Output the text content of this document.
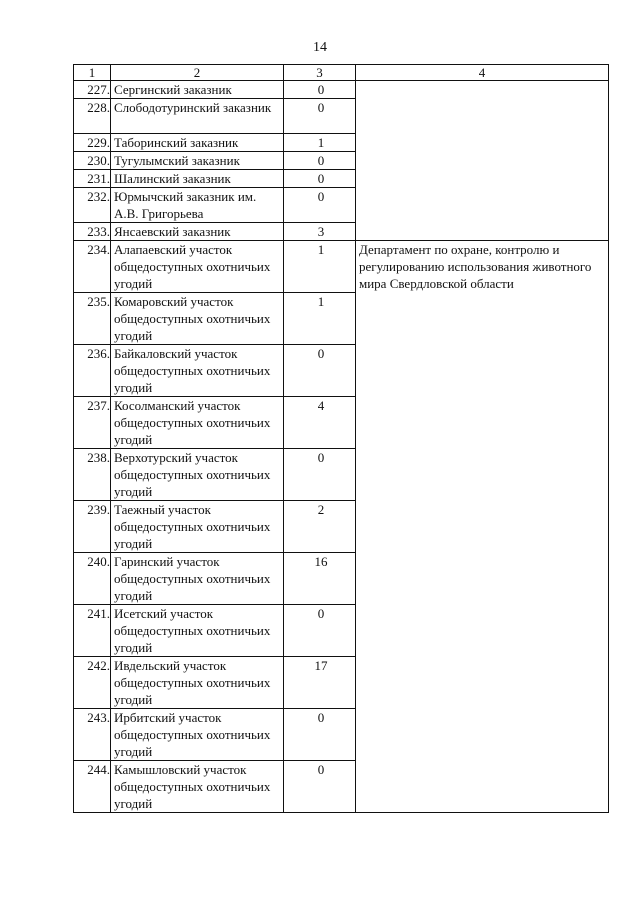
14
1	2	3	4
227.	Сергинский заказник	0	
228.	Слободотуринский заказник	0	
229.	Таборинский заказник	1	
230.	Тугулымский заказник	0	
231.	Шалинский заказник	0	
232.	Юрмычский заказник им. А.В. Григорьева	0	
233.	Янсаевский заказник	3	
234.	Алапаевский участок общедоступных охотничьих угодий	1	Департамент по охране, контролю и регулированию использования животного мира Свердловской области

235.	Комаровский участок общедоступных охотничьих угодий	1	
236.	Байкаловский участок общедоступных охотничьих угодий	0	
237.	Косолманский участок общедоступных охотничьих угодий	4	
238.	Верхотурский участок общедоступных охотничьих угодий	0	
239.	Таежный участок общедоступных охотничьих угодий	2	
240.	Гаринский участок общедоступных охотничьих угодий	16	
241.	Исетский участок общедоступных охотничьих угодий	0	
242.	Ивдельский участок общедоступных охотничьих угодий	17	
243.	Ирбитский участок общедоступных охотничьих угодий	0	
244.	Камышловский участок общедоступных охотничьих угодий	0	
